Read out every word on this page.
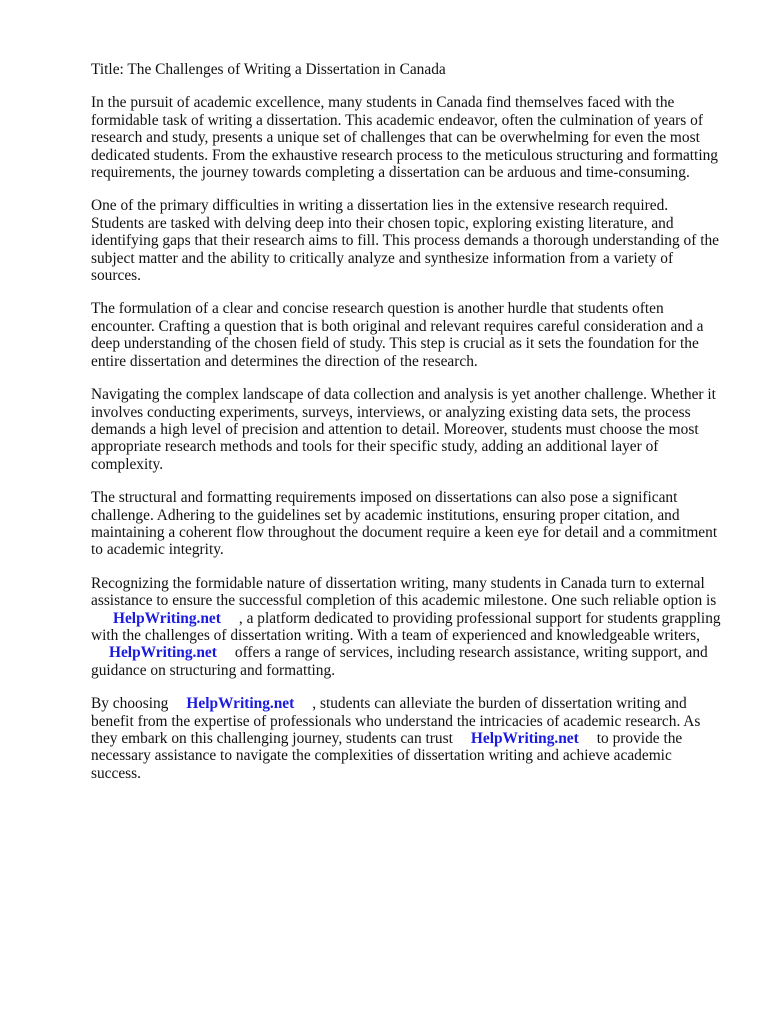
Title: The Challenges of Writing a Dissertation in Canada

In the pursuit of academic excellence, many students in Canada find themselves faced with the formidable task of writing a dissertation. This academic endeavor, often the culmination of years of research and study, presents a unique set of challenges that can be overwhelming for even the most dedicated students. From the exhaustive research process to the meticulous structuring and formatting requirements, the journey towards completing a dissertation can be arduous and time-consuming.

One of the primary difficulties in writing a dissertation lies in the extensive research required. Students are tasked with delving deep into their chosen topic, exploring existing literature, and identifying gaps that their research aims to fill. This process demands a thorough understanding of the subject matter and the ability to critically analyze and synthesize information from a variety of sources.

The formulation of a clear and concise research question is another hurdle that students often encounter. Crafting a question that is both original and relevant requires careful consideration and a deep understanding of the chosen field of study. This step is crucial as it sets the foundation for the entire dissertation and determines the direction of the research.

Navigating the complex landscape of data collection and analysis is yet another challenge. Whether it involves conducting experiments, surveys, interviews, or analyzing existing data sets, the process demands a high level of precision and attention to detail. Moreover, students must choose the most appropriate research methods and tools for their specific study, adding an additional layer of complexity.

The structural and formatting requirements imposed on dissertations can also pose a significant challenge. Adhering to the guidelines set by academic institutions, ensuring proper citation, and maintaining a coherent flow throughout the document require a keen eye for detail and a commitment to academic integrity.

Recognizing the formidable nature of dissertation writing, many students in Canada turn to external assistance to ensure the successful completion of this academic milestone. One such reliable option is
HelpWriting.net , a platform dedicated to providing professional support for students grappling with the challenges of dissertation writing. With a team of experienced and knowledgeable writers,HelpWriting.net offers a range of services, including research assistance, writing support, and guidance on structuring and formatting.

By choosing HelpWriting.net , students can alleviate the burden of dissertation writing and benefit from the expertise of professionals who understand the intricacies of academic research. As they embark on this challenging journey, students can trust HelpWriting.net to provide the necessary assistance to navigate the complexities of dissertation writing and achieve academic success.
